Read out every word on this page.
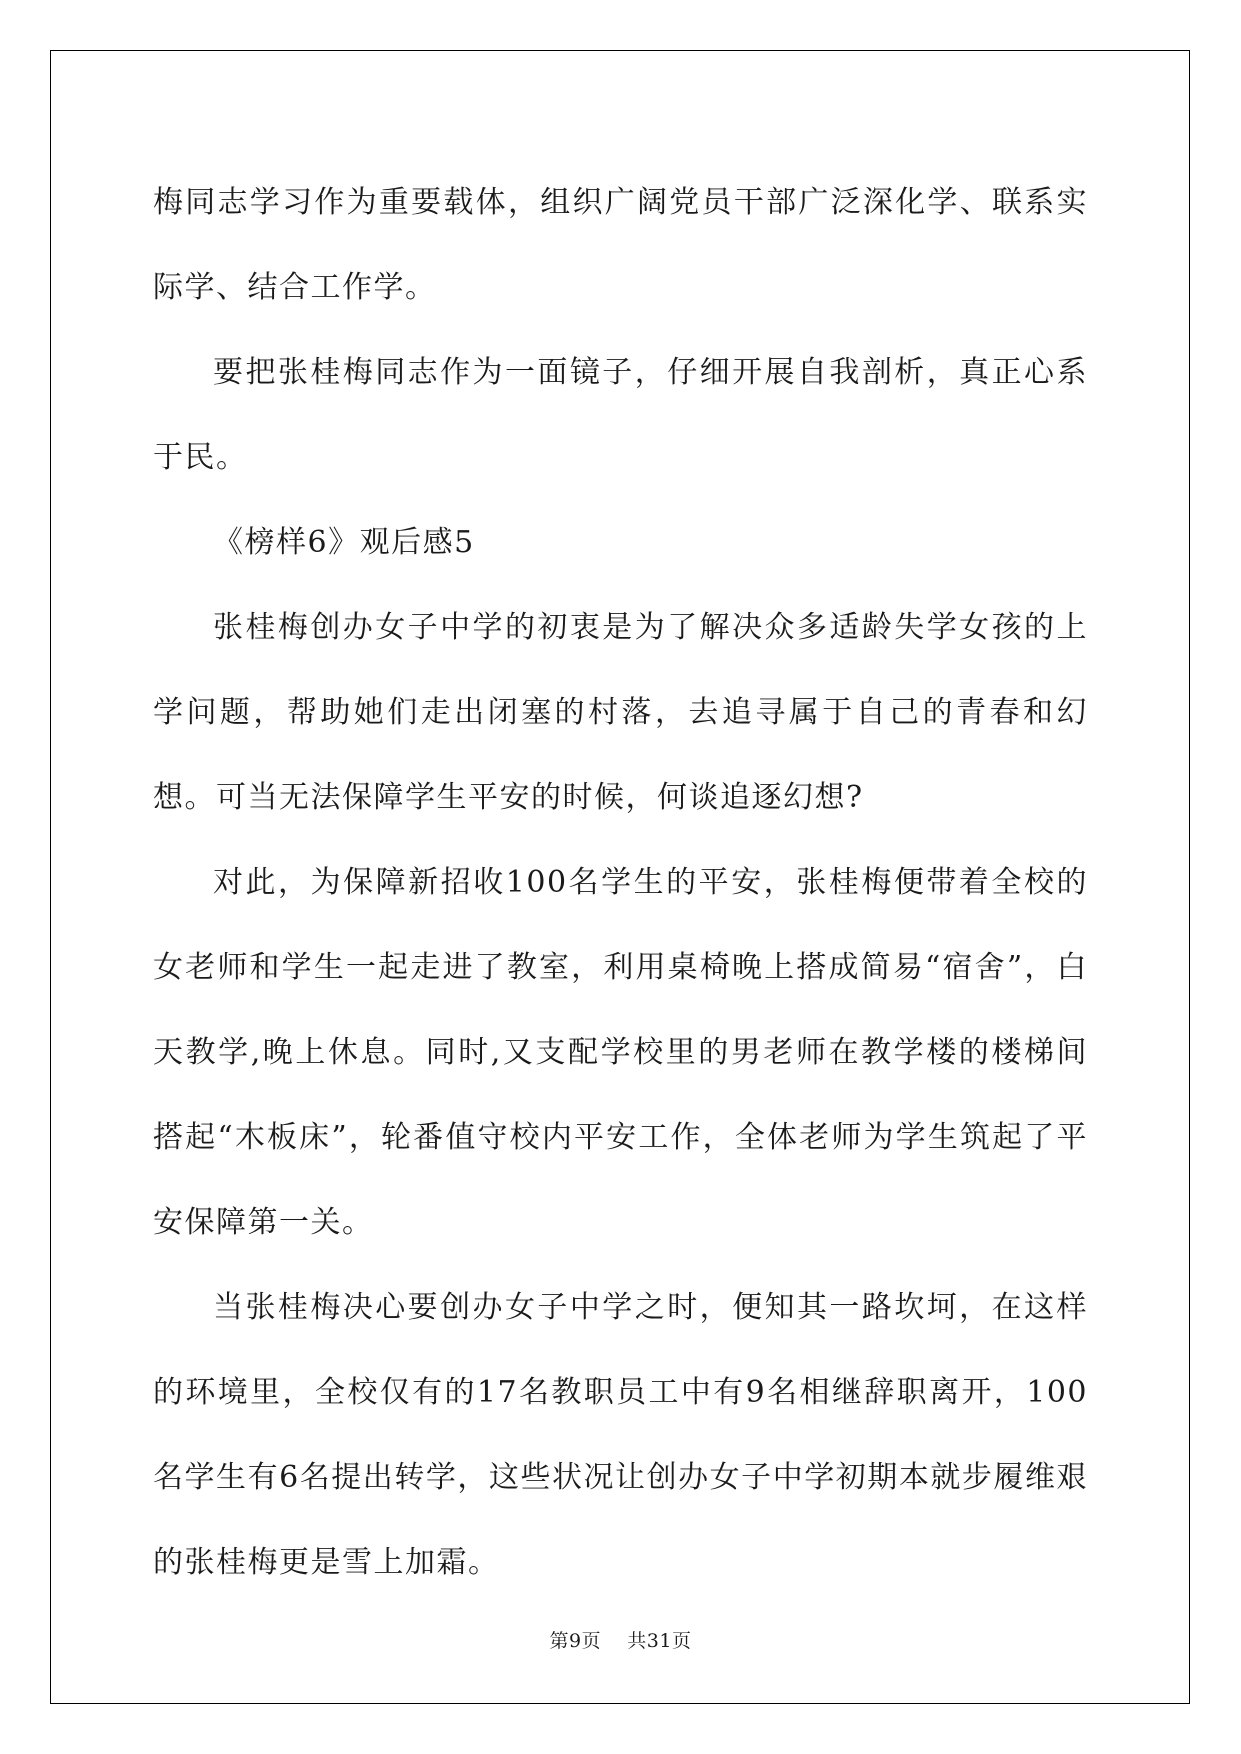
梅同志学习作为重要载体，组织广阔党员干部广泛深化学、联系实际学、结合工作学。

要把张桂梅同志作为一面镜子，仔细开展自我剖析，真正心系于民。

《榜样6》观后感5

张桂梅创办女子中学的初衷是为了解决众多适龄失学女孩的上学问题，帮助她们走出闭塞的村落，去追寻属于自己的青春和幻想。可当无法保障学生平安的时候，何谈追逐幻想?

对此，为保障新招收100名学生的平安，张桂梅便带着全校的女老师和学生一起走进了教室，利用桌椅晚上搭成简易“宿舍”，白天教学,晚上休息。同时,又支配学校里的男老师在教学楼的楼梯间搭起“木板床”，轮番值守校内平安工作，全体老师为学生筑起了平安保障第一关。

当张桂梅决心要创办女子中学之时，便知其一路坎坷，在这样的环境里，全校仅有的17名教职员工中有9名相继辞职离开，100名学生有6名提出转学，这些状况让创办女子中学初期本就步履维艰的张桂梅更是雪上加霜。

第9页 共31页
